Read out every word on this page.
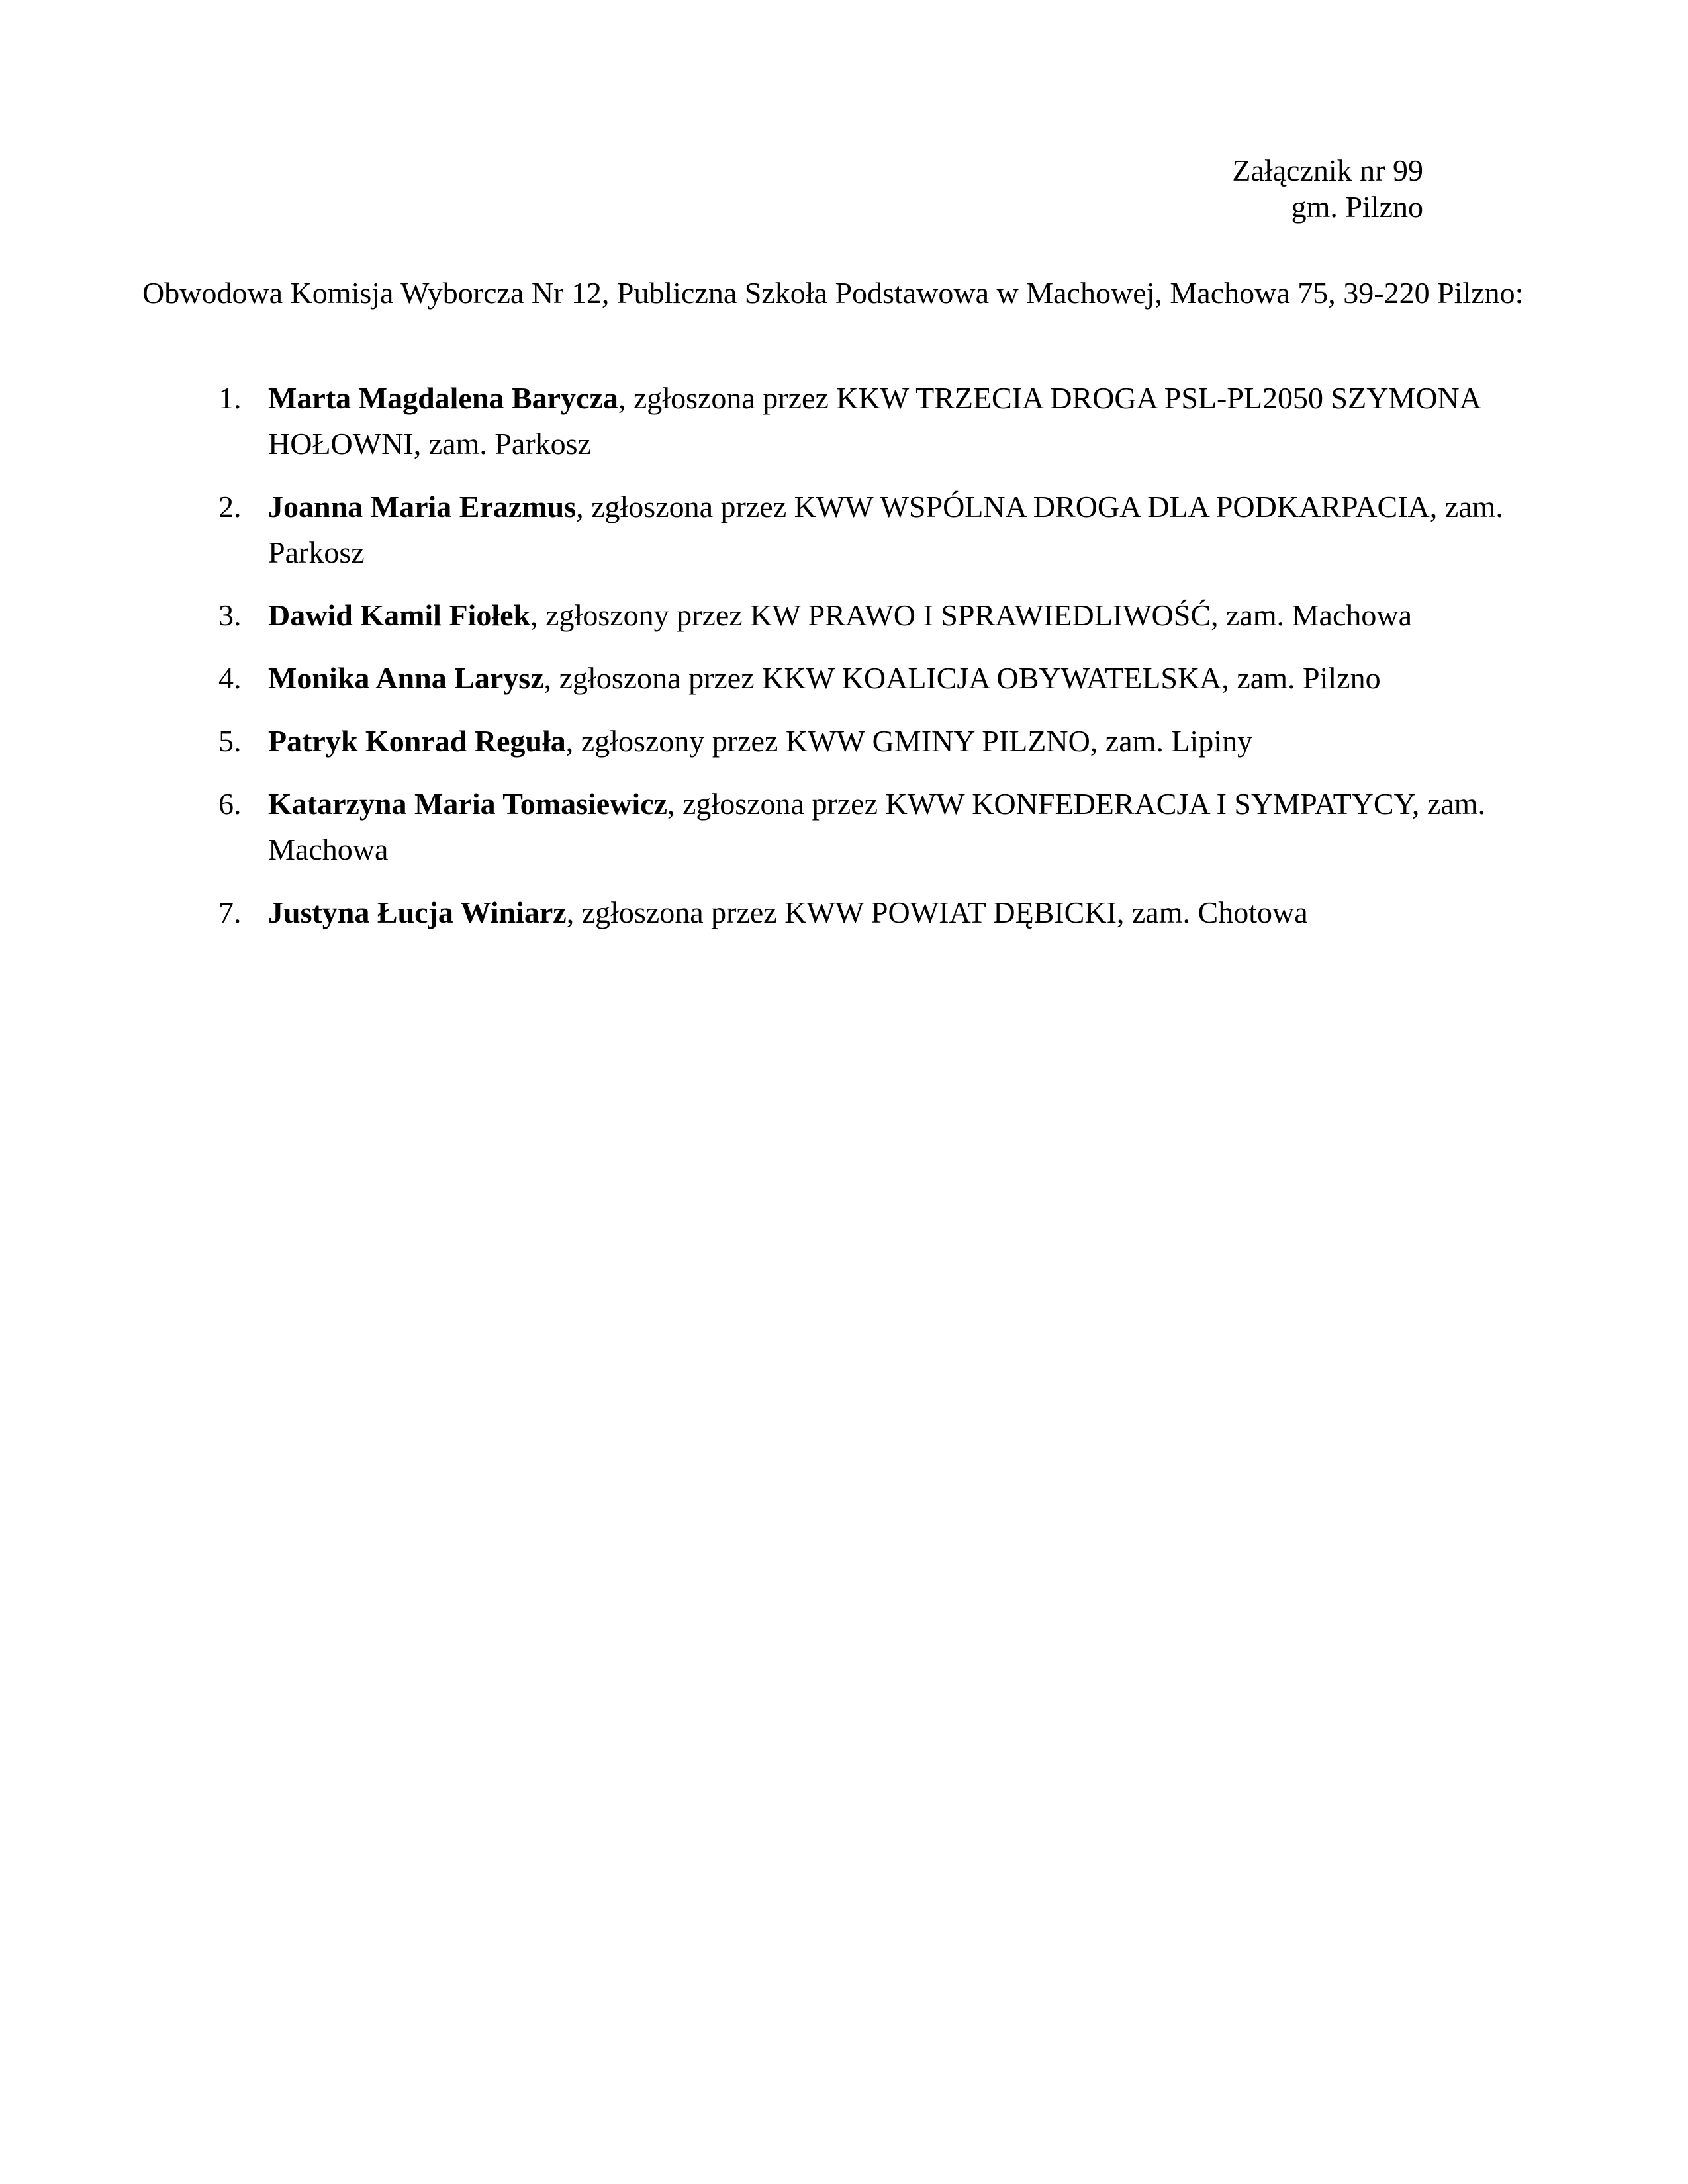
Załącznik nr 99
gm. Pilzno

Obwodowa Komisja Wyborcza Nr 12, Publiczna Szkoła Podstawowa w Machowej, Machowa 75, 39-220 Pilzno:

1. Marta Magdalena Barycza, zgłoszona przez KKW TRZECIA DROGA PSL-PL2050 SZYMONA HOŁOWNI, zam. Parkosz
2. Joanna Maria Erazmus, zgłoszona przez KWW WSPÓLNA DROGA DLA PODKARPACIA, zam. Parkosz
3. Dawid Kamil Fiołek, zgłoszony przez KW PRAWO I SPRAWIEDLIWOŚĆ, zam. Machowa
4. Monika Anna Larysz, zgłoszona przez KKW KOALICJA OBYWATELSKA, zam. Pilzno
5. Patryk Konrad Reguła, zgłoszony przez KWW GMINY PILZNO, zam. Lipiny
6. Katarzyna Maria Tomasiewicz, zgłoszona przez KWW KONFEDERACJA I SYMPATYCY, zam. Machowa
7. Justyna Łucja Winiarz, zgłoszona przez KWW POWIAT DĘBICKI, zam. Chotowa
